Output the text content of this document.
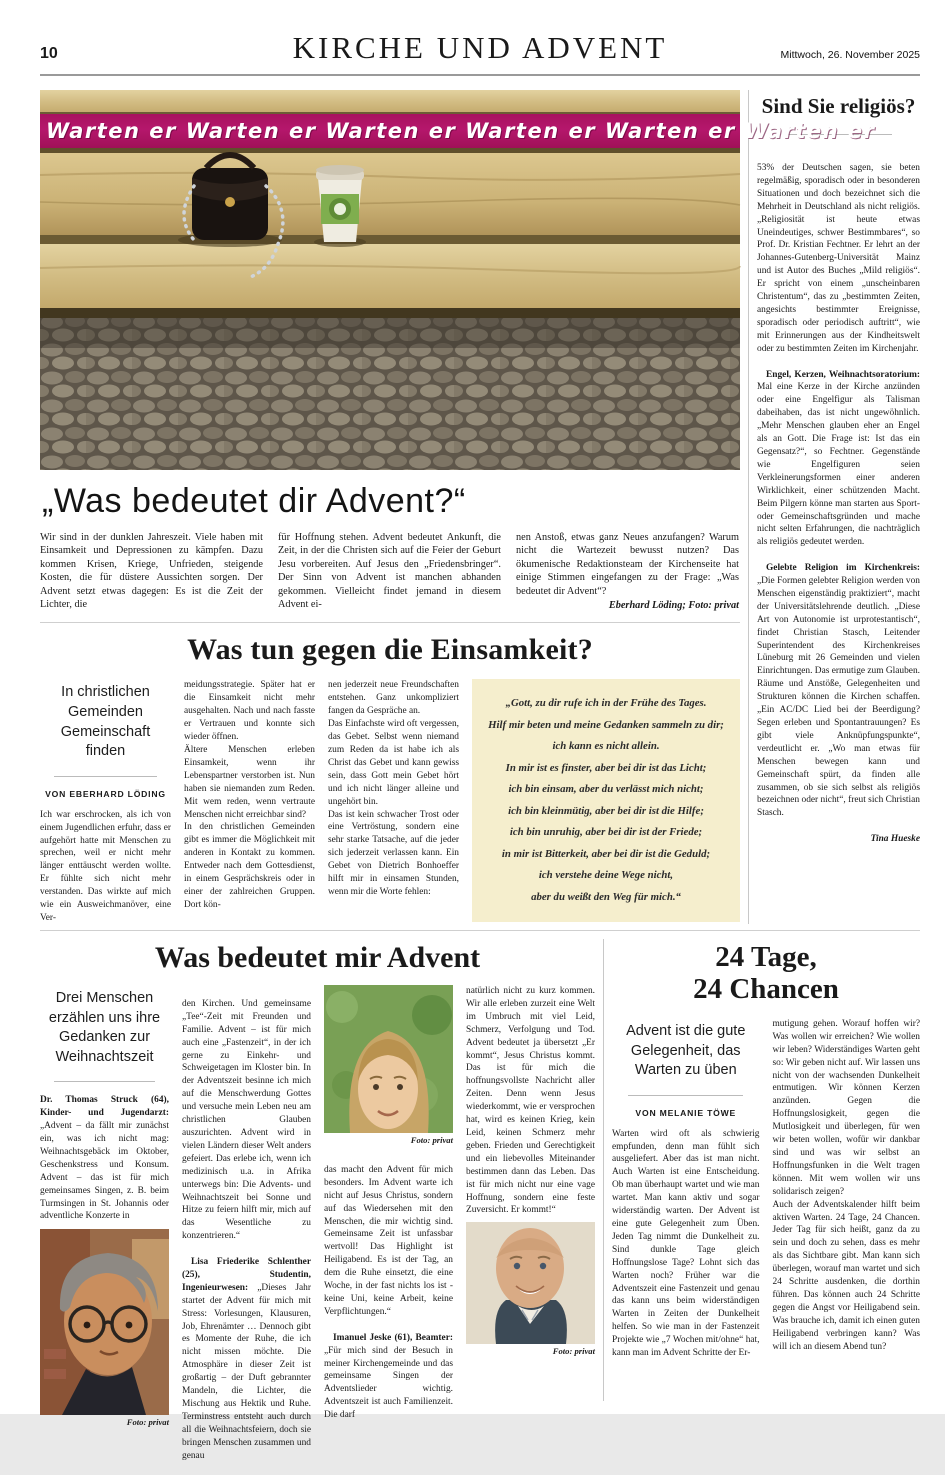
10	KIRCHE UND ADVENT	Mittwoch, 26. November 2025
Warten er Warten er Warten er Warten er Warten er Warten er
„Was bedeutet dir Advent?“
Wir sind in der dunklen Jahreszeit. Viele haben mit Einsamkeit und Depressionen zu kämpfen. Dazu kommen Krisen, Kriege, Unfrieden, steigende Kosten, die für düstere Aussichten sorgen. Der Advent setzt etwas dagegen: Es ist die Zeit der Lichter, die
für Hoffnung stehen. Advent bedeutet Ankunft, die Zeit, in der die Christen sich auf die Feier der Geburt Jesu vorbereiten. Auf Jesus den „Friedensbringer“. Der Sinn von Advent ist manchen abhanden gekommen. Vielleicht findet jemand in diesem Advent ei-
nen Anstoß, etwas ganz Neues anzufangen? Warum nicht die Wartezeit bewusst nutzen? Das ökumenische Redaktionsteam der Kirchenseite hat einige Stimmen eingefangen zu der Frage: „Was bedeutet dir Advent“?
Eberhard Löding; Foto: privat
Was tun gegen die Einsamkeit?
In christlichen Gemeinden Gemeinschaft finden
VON EBERHARD LÖDING
Ich war erschrocken, als ich von einem Jugendlichen erfuhr, dass er aufgehört hatte mit Menschen zu sprechen, weil er nicht mehr länger enttäuscht werden wollte. Er fühlte sich nicht mehr verstanden. Das wirkte auf mich wie ein Ausweichmanöver, eine Ver-
meidungsstrategie. Später hat er die Einsamkeit nicht mehr ausgehalten. Nach und nach fasste er Vertrauen und konnte sich wieder öffnen.
Ältere Menschen erleben Einsamkeit, wenn ihr Lebenspartner verstorben ist. Nun haben sie niemanden zum Reden. Mit wem reden, wenn vertraute Menschen nicht erreichbar sind?
In den christlichen Gemeinden gibt es immer die Möglichkeit mit anderen in Kontakt zu kommen. Entweder nach dem Gottesdienst, in einem Gesprächskreis oder in einer der zahlreichen Gruppen. Dort kön-
nen jederzeit neue Freundschaften entstehen. Ganz unkompliziert fangen da Gespräche an.
Das Einfachste wird oft vergessen, das Gebet. Selbst wenn niemand zum Reden da ist habe ich als Christ das Gebet und kann gewiss sein, dass Gott mein Gebet hört und ich nicht länger alleine und ungehört bin.
Das ist kein schwacher Trost oder eine Vertröstung, sondern eine sehr starke Tatsache, auf die jeder sich jederzeit verlassen kann. Ein Gebet von Dietrich Bonhoeffer hilft mir in einsamen Stunden, wenn mir die Worte fehlen:
„Gott, zu dir rufe ich in der Frühe des Tages.
Hilf mir beten und meine Gedanken sammeln zu dir;
ich kann es nicht allein.
In mir ist es finster, aber bei dir ist das Licht;
ich bin einsam, aber du verlässt mich nicht;
ich bin kleinmütig, aber bei dir ist die Hilfe;
ich bin unruhig, aber bei dir ist der Friede;
in mir ist Bitterkeit, aber bei dir ist die Geduld;
ich verstehe deine Wege nicht,
aber du weißt den Weg für mich.“
Sind Sie religiös?

53% der Deutschen sagen, sie beten regelmäßig, sporadisch oder in besonderen Situationen und doch bezeichnet sich die Mehrheit in Deutschland als nicht religiös. „Religiosität ist heute etwas Uneindeutiges, schwer Bestimmbares“, so Prof. Dr. Kristian Fechtner. Er lehrt an der Johannes-Gutenberg-Universität Mainz und ist Autor des Buches „Mild religiös“. Er spricht von einem „unscheinbaren Christentum“, das zu „bestimmten Zeiten, angesichts bestimmter Ereignisse, sporadisch oder periodisch auftritt“, wie mit Erinnerungen aus der Kindheitswelt oder zu bestimmten Zeiten im Kirchenjahr.

Engel, Kerzen, Weihnachtsoratorium: Mal eine Kerze in der Kirche anzünden oder eine Engelfigur als Talisman dabeihaben, das ist nicht ungewöhnlich. „Mehr Menschen glauben eher an Engel als an Gott. Die Frage ist: Ist das ein Gegensatz?“, so Fechtner. Gegenstände wie Engelfiguren seien Verkleinerungsformen einer anderen Wirklichkeit, einer schützenden Macht. Beim Pilgern könne man starten aus Sport- oder Gemeinschaftsgründen und mache nicht selten Erfahrungen, die nachträglich als religiös gedeutet werden.

Gelebte Religion im Kirchenkreis: „Die Formen gelebter Religion werden von Menschen eigenständig praktiziert“, macht der Universitätslehrende deutlich. „Diese Art von Autonomie ist urprotestantisch“, findet Christian Stasch, Leitender Superintendent des Kirchenkreises Lüneburg mit 26 Gemeinden und vielen Einrichtungen. Das ermutige zum Glauben. Räume und Anstöße, Gelegenheiten und Strukturen können die Kirchen schaffen. „Ein AC/DC Lied bei der Beerdigung? Segen erleben und Spontantrauungen? Es gibt viele Anknüpfungspunkte“, verdeutlicht er. „Wo man etwas für Menschen bewegen kann und Gemeinschaft spürt, da finden alle zusammen, ob sie sich selbst als religiös bezeichnen oder nicht“, freut sich Christian Stasch.

Tina Hueske

Was bedeutet mir Advent
Drei Menschen erzählen uns ihre Gedanken zur Weihnachtszeit
Dr. Thomas Struck (64), Kinder- und Jugendarzt: „Advent – da fällt mir zunächst ein, was ich nicht mag: Weihnachtsgebäck im Oktober, Geschenkstress und Konsum. Advent – das ist für mich gemeinsames Singen, z. B. beim Turmsingen in St. Johannis oder adventliche Konzerte in
Foto: privat

den Kirchen. Und gemeinsame „Tee“-Zeit mit Freunden und Familie. Advent – ist für mich auch eine „Fastenzeit“, in der ich gerne zu Einkehr- und Schweigetagen im Kloster bin. In der Adventszeit besinne ich mich auf die Menschwerdung Gottes und versuche mein Leben neu am christlichen Glauben auszurichten. Advent wird in vielen Ländern dieser Welt anders gefeiert. Das erlebe ich, wenn ich medizinisch u.a. in Afrika unterwegs bin: Die Advents- und Weihnachtszeit bei Sonne und Hitze zu feiern hilft mir, mich auf das Wesentliche zu konzentrieren.“

Lisa Friederike Schlenther (25), Studentin, Ingenieurwesen: „Dieses Jahr startet der Advent für mich mit Stress: Vorlesungen, Klausuren, Job, Ehrenämter … Dennoch gibt es Momente der Ruhe, die ich nicht missen möchte. Die Atmosphäre in dieser Zeit ist großartig – der Duft gebrannter Mandeln, die Lichter, die Mischung aus Hektik und Ruhe. Terminstress entsteht auch durch all die Weihnachtsfeiern, doch sie bringen Menschen zusammen und genau

Foto: privat

das macht den Advent für mich besonders. Im Advent warte ich nicht auf Jesus Christus, sondern auf das Wiedersehen mit den Menschen, die mir wichtig sind. Gemeinsame Zeit ist unfassbar wertvoll! Das Highlight ist Heiligabend. Es ist der Tag, an dem die Ruhe einsetzt, die eine Woche, in der fast nichts los ist - keine Uni, keine Arbeit, keine Verpflichtungen.“

Imanuel Jeske (61), Beamter: „Für mich sind der Besuch in meiner Kirchengemeinde und das gemeinsame Singen der Adventslieder wichtig. Adventszeit ist auch Familienzeit. Die darf

natürlich nicht zu kurz kommen. Wir alle erleben zurzeit eine Welt im Umbruch mit viel Leid, Schmerz, Verfolgung und Tod. Advent bedeutet ja übersetzt „Er kommt“, Jesus Christus kommt. Das ist für mich die hoffnungsvollste Nachricht aller Zeiten. Denn wenn Jesus wiederkommt, wie er versprochen hat, wird es keinen Krieg, kein Leid, keinen Schmerz mehr geben. Frieden und Gerechtigkeit und ein liebevolles Miteinander bestimmen dann das Leben. Das ist für mich nicht nur eine vage Hoffnung, sondern eine feste Zuversicht. Er kommt!“
Foto: privat
24 Tage,
24 Chancen
Advent ist die gute Gelegenheit, das Warten zu üben
VON MELANIE TÖWE
Warten wird oft als schwierig empfunden, denn man fühlt sich ausgeliefert. Aber das ist man nicht. Auch Warten ist eine Entscheidung. Ob man überhaupt wartet und wie man wartet. Man kann aktiv und sogar widerständig warten. Der Advent ist eine gute Gelegenheit zum Üben. Jeden Tag nimmt die Dunkelheit zu. Sind dunkle Tage gleich Hoffnungslose Tage? Lohnt sich das Warten noch? Früher war die Adventszeit eine Fastenzeit und genau das kann uns beim widerständigen Warten in Zeiten der Dunkelheit helfen. So wie man in der Fastenzeit Projekte wie „7 Wochen mit/ohne“ hat, kann man im Advent Schritte der Er-
mutigung gehen. Worauf hoffen wir? Was wollen wir erreichen? Wie wollen wir leben? Widerständiges Warten geht so: Wir geben nicht auf. Wir lassen uns nicht von der wachsenden Dunkelheit entmutigen. Wir können Kerzen anzünden. Gegen die Hoffnungslosigkeit, gegen die Mutlosigkeit und überlegen, für wen wir beten wollen, wofür wir dankbar sind und was wir selbst an Hoffnungsfunken in die Welt tragen können. Mit wem wollen wir uns solidarisch zeigen?
Auch der Adventskalender hilft beim aktiven Warten. 24 Tage, 24 Chancen. Jeder Tag für sich heißt, ganz da zu sein und doch zu sehen, dass es mehr als das Sichtbare gibt. Man kann sich überlegen, worauf man wartet und sich 24 Schritte ausdenken, die dorthin führen. Das können auch 24 Schritte gegen die Angst vor Heiligabend sein. Was brauche ich, damit ich einen guten Heiligabend verbringen kann? Was will ich an diesem Abend tun?
